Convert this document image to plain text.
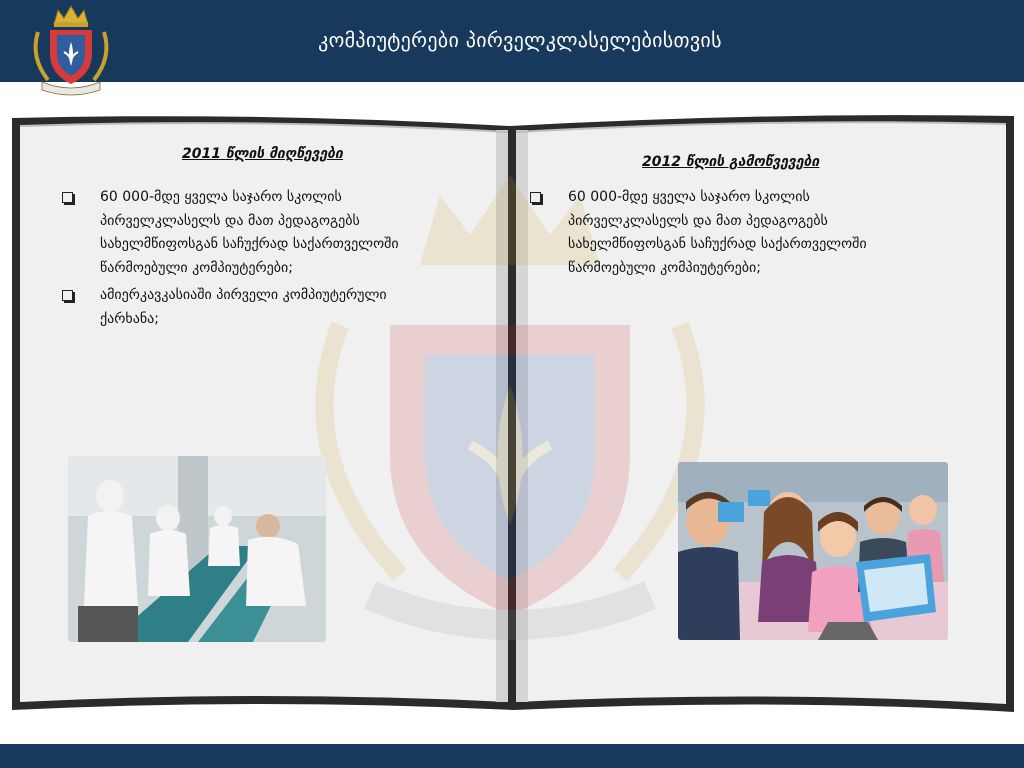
კომპიუტერები პირველკლასელებისთვის
2011 წლის მიღწევები
60 000-მდე ყველა საჯარო სკოლის პირველკლასელს და მათ პედაგოგებს სახელმწიფოსგან საჩუქრად საქართველოში წარმოებული კომპიუტერები;
ამიერკავკასიაში პირველი კომპიუტერული ქარხანა;
2012 წლის გამოწვევები
60 000-მდე ყველა საჯარო სკოლის პირველკლასელს და მათ პედაგოგებს სახელმწიფოსგან საჩუქრად საქართველოში წარმოებული კომპიუტერები;
